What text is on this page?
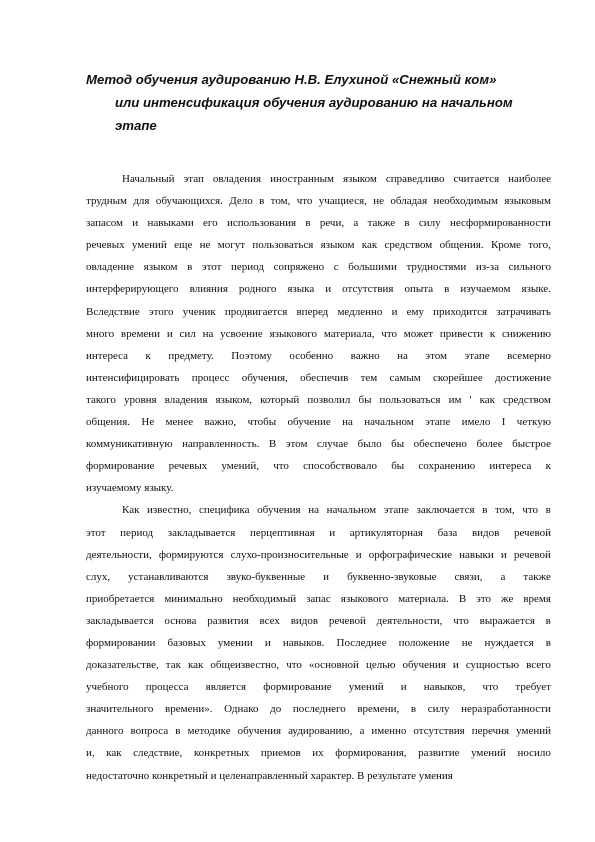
Метод обучения аудированию Н.В. Елухиной «Снежный ком»
или интенсификация обучения аудированию на начальном
этапе
Начальный этап овладения иностранным языком справедливо считается наиболее
трудным для обучающихся. Дело в том, что учащиеся, не обладая необходимым языковым
запасом и навыками его использования в речи, а также в силу несформированности
речевых умений еще не могут пользоваться языком как средством общения. Кроме того,
овладение языком в этот период сопряжено с большими трудностями из-за сильного
интерферирующего влияния родного языка и отсутствия опыта в изучаемом языке.
Вследствие этого ученик продвигается вперед медленно и ему приходится затрачивать
много времени и сил на усвоение языкового материала, что может привести к снижению
интереса к предмету. Поэтому особенно важно на этом этапе всемерно
интенсифицировать процесс обучения, обеспечив тем самым скорейшее достижение
такого уровня владения языком, который позволил бы пользоваться им ' как средством
общения. Не менее важно, чтобы обучение на начальном этапе имело I четкую
коммуникативную направленность. В этом случае было бы обеспечено более быстрое
формирование речевых умений, что способствовало бы сохранению интереса к
изучаемому языку.
Как известно, специфика обучения на начальном этапе заключается в том, что в
этот период закладывается перцептивная и артикуляторная база видов речевой
деятельности, формируются слухо-произносительные и орфографические навыки и речевой
слух, устанавливаются звуко-буквенные и буквенно-звуковые связи, а также
приобретается минимально необходимый запас языкового материала. В это же время
закладывается основа развития всех видов речевой деятельности, что выражается в
формировании базовых умении и навыков. Последнее положение не нуждается в
доказательстве, так как общеизвестно, что «основной целью обучения и сущностью всего
учебного процесса является формирование умений и навыков, что требует
значительного времени». Однако до последнего времени, в силу неразработанности
данного вопроса в методике обучения аудированию, а именно отсутствия перечня умений
и, как следствие, конкретных приемов их формирования, развитие умений носило
недостаточно конкретный и целенаправленный характер. В результате умения
